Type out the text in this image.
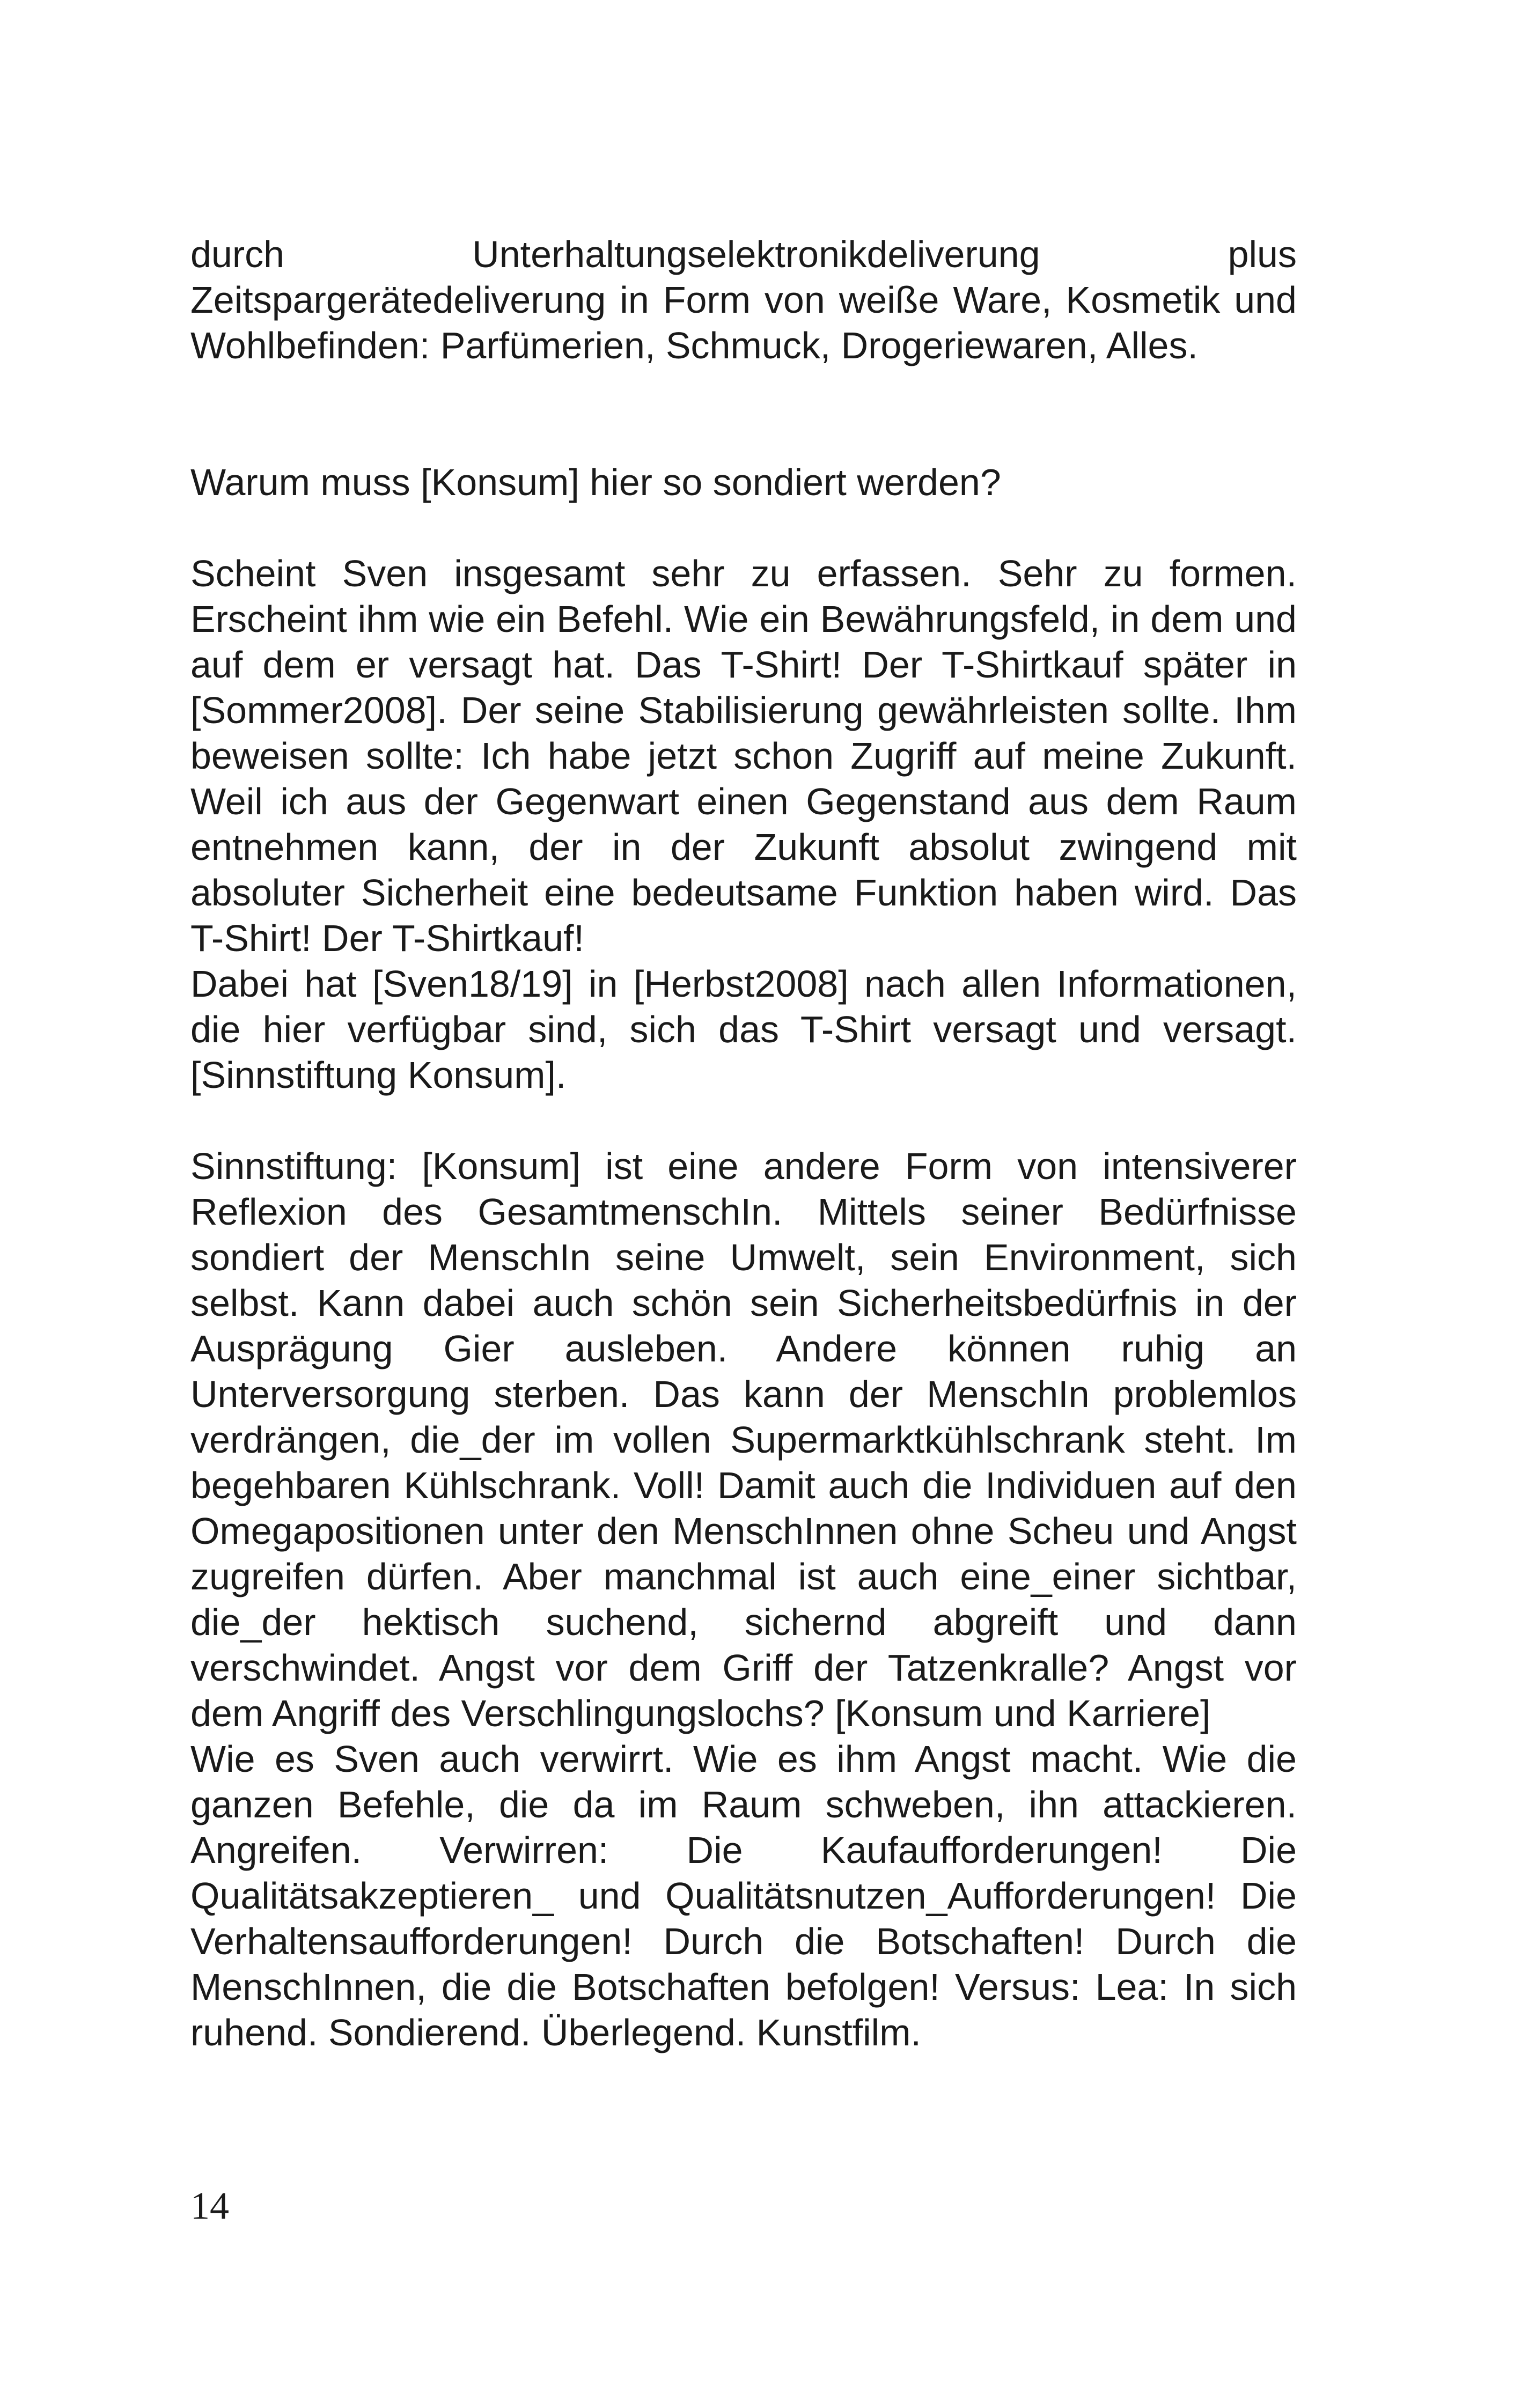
durch Unterhaltungselektronikdeliverung plus Zeitspargerätedeliverung in Form von weiße Ware, Kosmetik und Wohlbefinden: Parfümerien, Schmuck, Drogeriewaren, Alles.

Warum muss [Konsum] hier so sondiert werden?

Scheint Sven insgesamt sehr zu erfassen. Sehr zu formen. Erscheint ihm wie ein Befehl. Wie ein Bewährungsfeld, in dem und auf dem er versagt hat. Das T-Shirt! Der T-Shirtkauf später in [Sommer2008]. Der seine Stabilisierung gewährleisten sollte. Ihm beweisen sollte: Ich habe jetzt schon Zugriff auf meine Zukunft. Weil ich aus der Gegenwart einen Gegenstand aus dem Raum entnehmen kann, der in der Zukunft absolut zwingend mit absoluter Sicherheit eine bedeutsame Funktion haben wird. Das T-Shirt! Der T-Shirtkauf!
Dabei hat [Sven18/19] in [Herbst2008] nach allen Informationen, die hier verfügbar sind, sich das T-Shirt versagt und versagt. [Sinnstiftung Konsum].

Sinnstiftung: [Konsum] ist eine andere Form von intensiverer Reflexion des GesamtmenschIn. Mittels seiner Bedürfnisse sondiert der MenschIn seine Umwelt, sein Environment, sich selbst. Kann dabei auch schön sein Sicherheitsbedürfnis in der Ausprägung Gier ausleben. Andere können ruhig an Unterversorgung sterben. Das kann der MenschIn problemlos verdrängen, die_der im vollen Supermarktkühlschrank steht. Im begehbaren Kühlschrank. Voll! Damit auch die Individuen auf den Omegapositionen unter den MenschInnen ohne Scheu und Angst zugreifen dürfen. Aber manchmal ist auch eine_einer sichtbar, die_der hektisch suchend, sichernd abgreift und dann verschwindet. Angst vor dem Griff der Tatzenkralle? Angst vor dem Angriff des Verschlingungslochs? [Konsum und Karriere]
Wie es Sven auch verwirrt. Wie es ihm Angst macht. Wie die ganzen Befehle, die da im Raum schweben, ihn attackieren. Angreifen. Verwirren: Die Kaufaufforderungen! Die Qualitätsakzeptieren_ und Qualitätsnutzen_Aufforderungen! Die Verhaltensaufforderungen! Durch die Botschaften! Durch die MenschInnen, die die Botschaften befolgen! Versus: Lea: In sich ruhend. Sondierend. Überlegend. Kunstfilm.

14
